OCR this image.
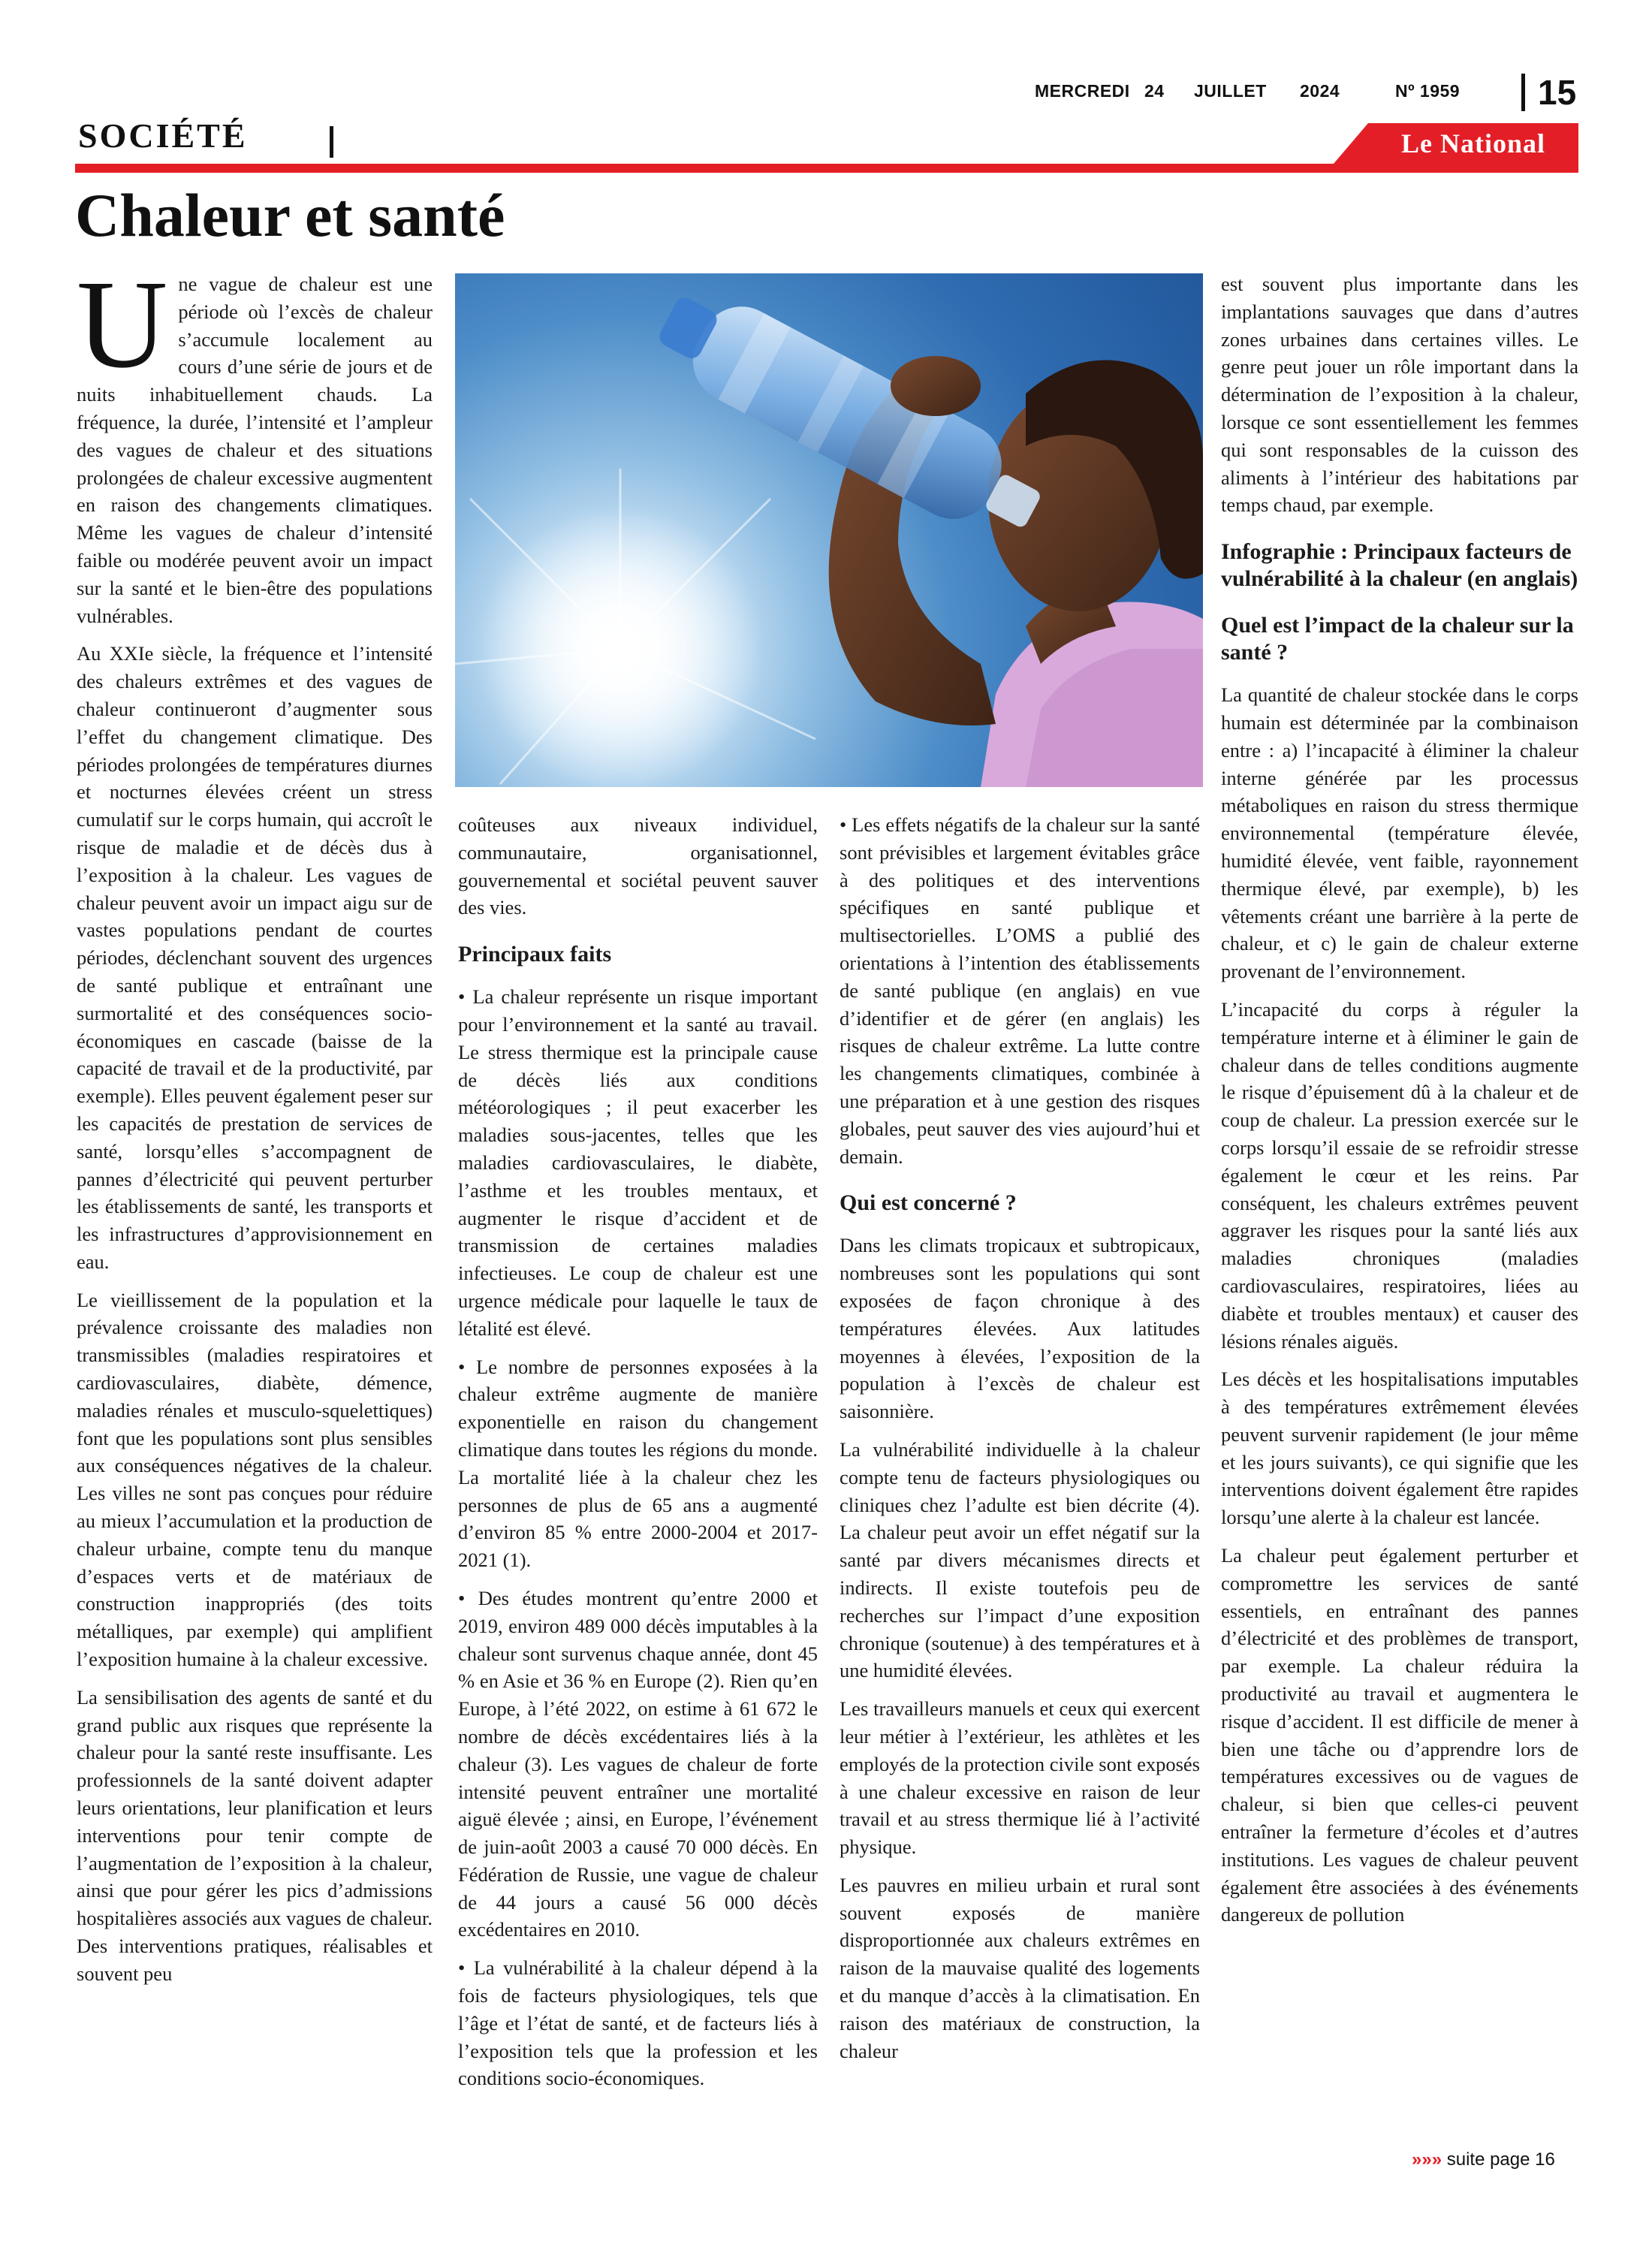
MERCREDI 24 JUILLET 2024	Nº 1959 15
SOCIÉTÉ	Le National
Chaleur et santé

Une vague de chaleur est une période où l’excès de chaleur s’accumule localement au cours d’une série de jours et de nuits inhabituellement chauds. La fréquence, la durée, l’intensité et l’ampleur des vagues de chaleur et des situations prolongées de chaleur excessive augmentent en raison des changements climatiques. Même les vagues de chaleur d’intensité faible ou modérée peuvent avoir un impact sur la santé et le bien-être des populations vulnérables.

Au XXIe siècle, la fréquence et l’intensité des chaleurs extrêmes et des vagues de chaleur continueront d’augmenter sous l’effet du changement climatique. Des périodes prolongées de températures diurnes et nocturnes élevées créent un stress cumulatif sur le corps humain, qui accroît le risque de maladie et de décès dus à l’exposition à la chaleur. Les vagues de chaleur peuvent avoir un impact aigu sur de vastes populations pendant de courtes périodes, déclenchant souvent des urgences de santé publique et entraînant une surmortalité et des conséquences socio-économiques en cascade (baisse de la capacité de travail et de la productivité, par exemple). Elles peuvent également peser sur les capacités de prestation de services de santé, lorsqu’elles s’accompagnent de pannes d’électricité qui peuvent perturber les établissements de santé, les transports et les infrastructures d’approvisionnement en eau.

Le vieillissement de la population et la prévalence croissante des maladies non transmissibles (maladies respiratoires et cardiovasculaires, diabète, démence, maladies rénales et musculo-squelettiques) font que les populations sont plus sensibles aux conséquences négatives de la chaleur. Les villes ne sont pas conçues pour réduire au mieux l’accumulation et la production de chaleur urbaine, compte tenu du manque d’espaces verts et de matériaux de construction inappropriés (des toits métalliques, par exemple) qui amplifient l’exposition humaine à la chaleur excessive.

La sensibilisation des agents de santé et du grand public aux risques que représente la chaleur pour la santé reste insuffisante. Les professionnels de la santé doivent adapter leurs orientations, leur planification et leurs interventions pour tenir compte de l’augmentation de l’exposition à la chaleur, ainsi que pour gérer les pics d’admissions hospitalières associés aux vagues de chaleur. Des interventions pratiques, réalisables et souvent peu

coûteuses aux niveaux individuel, communautaire, organisationnel, gouvernemental et sociétal peuvent sauver des vies.

Principaux faits

• La chaleur représente un risque important pour l’environnement et la santé au travail. Le stress thermique est la principale cause de décès liés aux conditions météorologiques ; il peut exacerber les maladies sous-jacentes, telles que les maladies cardiovasculaires, le diabète, l’asthme et les troubles mentaux, et augmenter le risque d’accident et de transmission de certaines maladies infectieuses. Le coup de chaleur est une urgence médicale pour laquelle le taux de létalité est élevé.

• Le nombre de personnes exposées à la chaleur extrême augmente de manière exponentielle en raison du changement climatique dans toutes les régions du monde. La mortalité liée à la chaleur chez les personnes de plus de 65 ans a augmenté d’environ 85 % entre 2000-2004 et 2017-2021 (1).

• Des études montrent qu’entre 2000 et 2019, environ 489 000 décès imputables à la chaleur sont survenus chaque année, dont 45 % en Asie et 36 % en Europe (2). Rien qu’en Europe, à l’été 2022, on estime à 61 672 le nombre de décès excédentaires liés à la chaleur (3). Les vagues de chaleur de forte intensité peuvent entraîner une mortalité aiguë élevée ; ainsi, en Europe, l’événement de juin-août 2003 a causé 70 000 décès. En Fédération de Russie, une vague de chaleur de 44 jours a causé 56 000 décès excédentaires en 2010.

• La vulnérabilité à la chaleur dépend à la fois de facteurs physiologiques, tels que l’âge et l’état de santé, et de facteurs liés à l’exposition tels que la profession et les conditions socio-économiques.

• Les effets négatifs de la chaleur sur la santé sont prévisibles et largement évitables grâce à des politiques et des interventions spécifiques en santé publique et multisectorielles. L’OMS a publié des orientations à l’intention des établissements de santé publique (en anglais) en vue d’identifier et de gérer (en anglais) les risques de chaleur extrême. La lutte contre les changements climatiques, combinée à une préparation et à une gestion des risques globales, peut sauver des vies aujourd’hui et demain.

Qui est concerné ?

Dans les climats tropicaux et subtropicaux, nombreuses sont les populations qui sont exposées de façon chronique à des températures élevées. Aux latitudes moyennes à élevées, l’exposition de la population à l’excès de chaleur est saisonnière.

La vulnérabilité individuelle à la chaleur compte tenu de facteurs physiologiques ou cliniques chez l’adulte est bien décrite (4). La chaleur peut avoir un effet négatif sur la santé par divers mécanismes directs et indirects. Il existe toutefois peu de recherches sur l’impact d’une exposition chronique (soutenue) à des températures et à une humidité élevées.

Les travailleurs manuels et ceux qui exercent leur métier à l’extérieur, les athlètes et les employés de la protection civile sont exposés à une chaleur excessive en raison de leur travail et au stress thermique lié à l’activité physique.

Les pauvres en milieu urbain et rural sont souvent exposés de manière disproportionnée aux chaleurs extrêmes en raison de la mauvaise qualité des logements et du manque d’accès à la climatisation. En raison des matériaux de construction, la chaleur

est souvent plus importante dans les implantations sauvages que dans d’autres zones urbaines dans certaines villes. Le genre peut jouer un rôle important dans la détermination de l’exposition à la chaleur, lorsque ce sont essentiellement les femmes qui sont responsables de la cuisson des aliments à l’intérieur des habitations par temps chaud, par exemple.

Infographie : Principaux facteurs de vulnérabilité à la chaleur (en anglais)
Quel est l’impact de la chaleur sur la santé ?

La quantité de chaleur stockée dans le corps humain est déterminée par la combinaison entre : a) l’incapacité à éliminer la chaleur interne générée par les processus métaboliques en raison du stress thermique environnemental (température élevée, humidité élevée, vent faible, rayonnement thermique élevé, par exemple), b) les vêtements créant une barrière à la perte de chaleur, et c) le gain de chaleur externe provenant de l’environnement.

L’incapacité du corps à réguler la température interne et à éliminer le gain de chaleur dans de telles conditions augmente le risque d’épuisement dû à la chaleur et de coup de chaleur. La pression exercée sur le corps lorsqu’il essaie de se refroidir stresse également le cœur et les reins. Par conséquent, les chaleurs extrêmes peuvent aggraver les risques pour la santé liés aux maladies chroniques (maladies cardiovasculaires, respiratoires, liées au diabète et troubles mentaux) et causer des lésions rénales aiguës.

Les décès et les hospitalisations imputables à des températures extrêmement élevées peuvent survenir rapidement (le jour même et les jours suivants), ce qui signifie que les interventions doivent également être rapides lorsqu’une alerte à la chaleur est lancée.

La chaleur peut également perturber et compromettre les services de santé essentiels, en entraînant des pannes d’électricité et des problèmes de transport, par exemple. La chaleur réduira la productivité au travail et augmentera le risque d’accident. Il est difficile de mener à bien une tâche ou d’apprendre lors de températures excessives ou de vagues de chaleur, si bien que celles-ci peuvent entraîner la fermeture d’écoles et d’autres institutions. Les vagues de chaleur peuvent également être associées à des événements dangereux de pollution

»»» suite page 16
